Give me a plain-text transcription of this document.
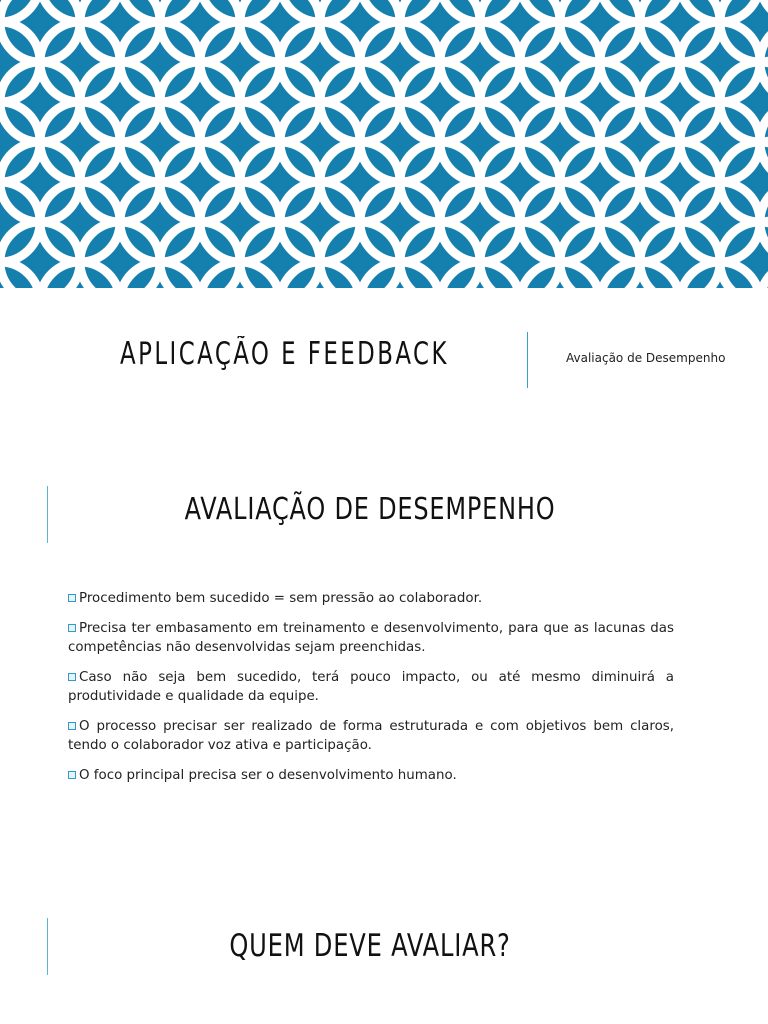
APLICAÇÃO E FEEDBACK	Avaliação de Desempenho
AVALIAÇÃO DE DESEMPENHO
Procedimento bem sucedido = sem pressão ao colaborador.
Precisa ter embasamento em treinamento e desenvolvimento, para que as lacunas das competências não desenvolvidas sejam preenchidas.
Caso não seja bem sucedido, terá pouco impacto, ou até mesmo diminuirá a produtividade e qualidade da equipe.
O processo precisar ser realizado de forma estruturada e com objetivos bem claros, tendo o colaborador voz ativa e participação.
O foco principal precisa ser o desenvolvimento humano.
QUEM DEVE AVALIAR?
